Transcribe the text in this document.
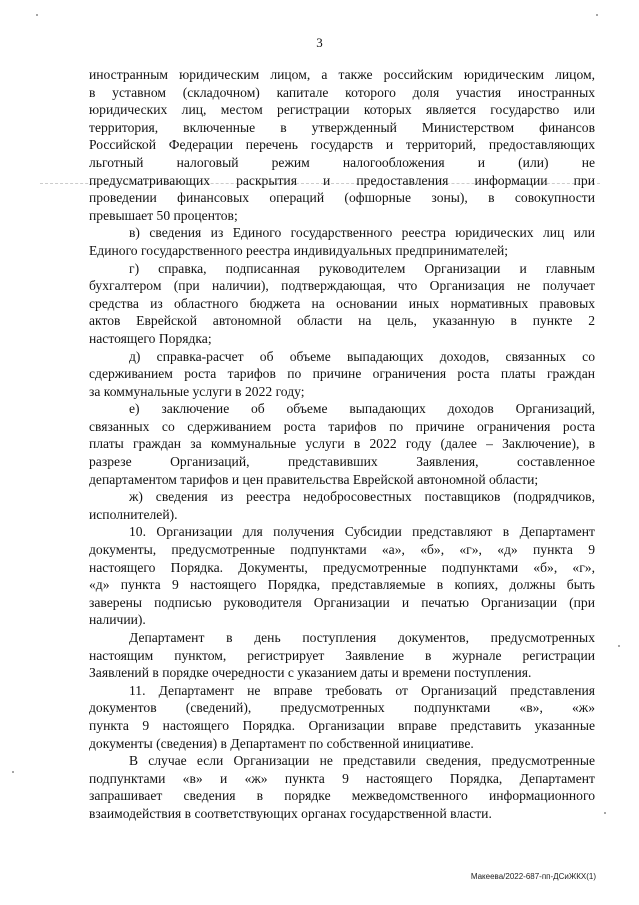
3
иностранным юридическим лицом, а также российским юридическим лицом,
в уставном (складочном) капитале которого доля участия иностранных
юридических лиц, местом регистрации которых является государство или
территория, включенные в утвержденный Министерством финансов
Российской Федерации перечень государств и территорий, предоставляющих
льготный налоговый режим налогообложения и (или) не
предусматривающих раскрытия и предоставления информации при
проведении финансовых операций (офшорные зоны), в совокупности
превышает 50 процентов;
в) сведения из Единого государственного реестра юридических лиц или
Единого государственного реестра индивидуальных предпринимателей;
г) справка, подписанная руководителем Организации и главным
бухгалтером (при наличии), подтверждающая, что Организация не получает
средства из областного бюджета на основании иных нормативных правовых
актов Еврейской автономной области на цель, указанную в пункте 2
настоящего Порядка;
д) справка-расчет об объеме выпадающих доходов, связанных со
сдерживанием роста тарифов по причине ограничения роста платы граждан
за коммунальные услуги в 2022 году;
е) заключение об объеме выпадающих доходов Организаций,
связанных со сдерживанием роста тарифов по причине ограничения роста
платы граждан за коммунальные услуги в 2022 году (далее – Заключение), в
разрезе Организаций, представивших Заявления, составленное
департаментом тарифов и цен правительства Еврейской автономной области;
ж) сведения из реестра недобросовестных поставщиков (подрядчиков,
исполнителей).
10. Организации для получения Субсидии представляют в Департамент
документы, предусмотренные подпунктами «а», «б», «г», «д» пункта 9
настоящего Порядка. Документы, предусмотренные подпунктами «б», «г»,
«д» пункта 9 настоящего Порядка, представляемые в копиях, должны быть
заверены подписью руководителя Организации и печатью Организации (при
наличии).
Департамент в день поступления документов, предусмотренных
настоящим пунктом, регистрирует Заявление в журнале регистрации
Заявлений в порядке очередности с указанием даты и времени поступления.
11. Департамент не вправе требовать от Организаций представления
документов (сведений), предусмотренных подпунктами «в», «ж»
пункта 9 настоящего Порядка. Организации вправе представить указанные
документы (сведения) в Департамент по собственной инициативе.
В случае если Организации не представили сведения, предусмотренные
подпунктами «в» и «ж» пункта 9 настоящего Порядка, Департамент
запрашивает сведения в порядке межведомственного информационного
взаимодействия в соответствующих органах государственной власти.
Макеева/2022-687-пп-ДСиЖКХ(1)
